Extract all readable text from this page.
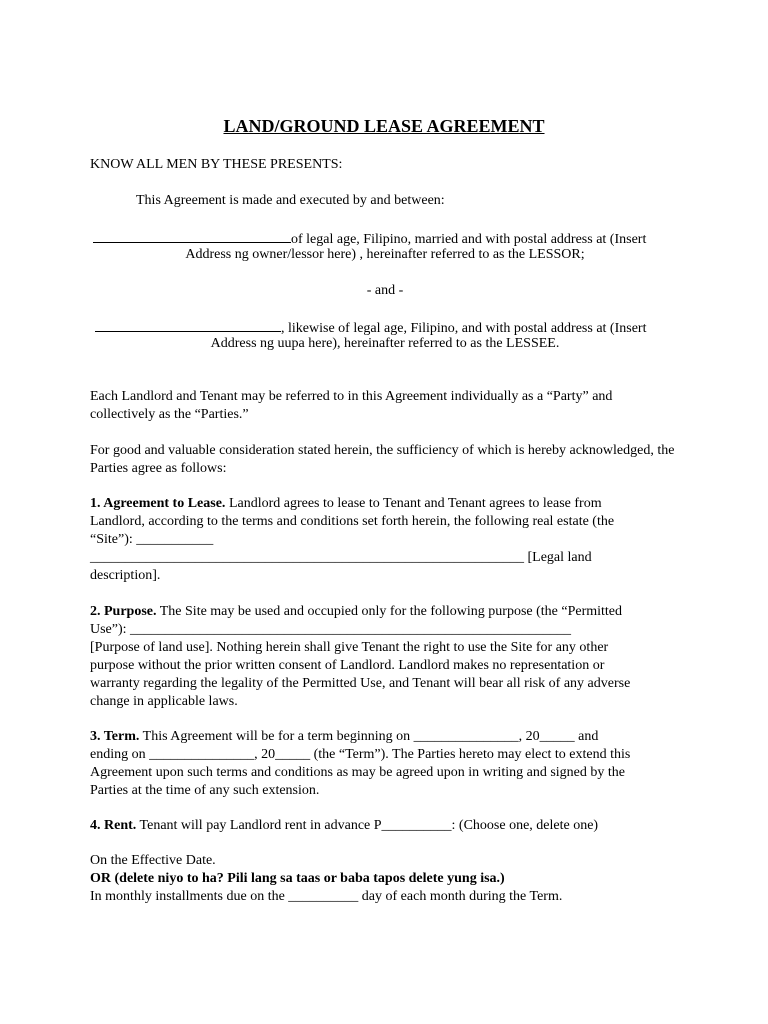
LAND/GROUND LEASE AGREEMENT

KNOW ALL MEN BY THESE PRESENTS:

This Agreement is made and executed by and between:

of legal age, Filipino, married and with postal address at (Insert
Address ng owner/lessor here) , hereinafter referred to as the LESSOR;
- and -
, likewise of legal age, Filipino, and with postal address at (Insert
Address ng uupa here), hereinafter referred to as the LESSEE.

Each Landlord and Tenant may be referred to in this Agreement individually as a “Party” and collectively as the “Parties.”

For good and valuable consideration stated herein, the sufficiency of which is hereby acknowledged, the Parties agree as follows:

1. Agreement to Lease. Landlord agrees to lease to Tenant and Tenant agrees to lease from
Landlord, according to the terms and conditions set forth herein, the following real estate (the
“Site”): ___________
______________________________________________________________ [Legal land
description].
2. Purpose. The Site may be used and occupied only for the following purpose (the “Permitted
Use”): _______________________________________________________________
[Purpose of land use]. Nothing herein shall give Tenant the right to use the Site for any other
purpose without the prior written consent of Landlord. Landlord makes no representation or
warranty regarding the legality of the Permitted Use, and Tenant will bear all risk of any adverse
change in applicable laws.
3. Term. This Agreement will be for a term beginning on _______________, 20_____ and
ending on _______________, 20_____ (the “Term”). The Parties hereto may elect to extend this
Agreement upon such terms and conditions as may be agreed upon in writing and signed by the
Parties at the time of any such extension.
4. Rent. Tenant will pay Landlord rent in advance P__________: (Choose one, delete one)
On the Effective Date.
OR (delete niyo to ha? Pili lang sa taas or baba tapos delete yung isa.)
In monthly installments due on the __________ day of each month during the Term.
